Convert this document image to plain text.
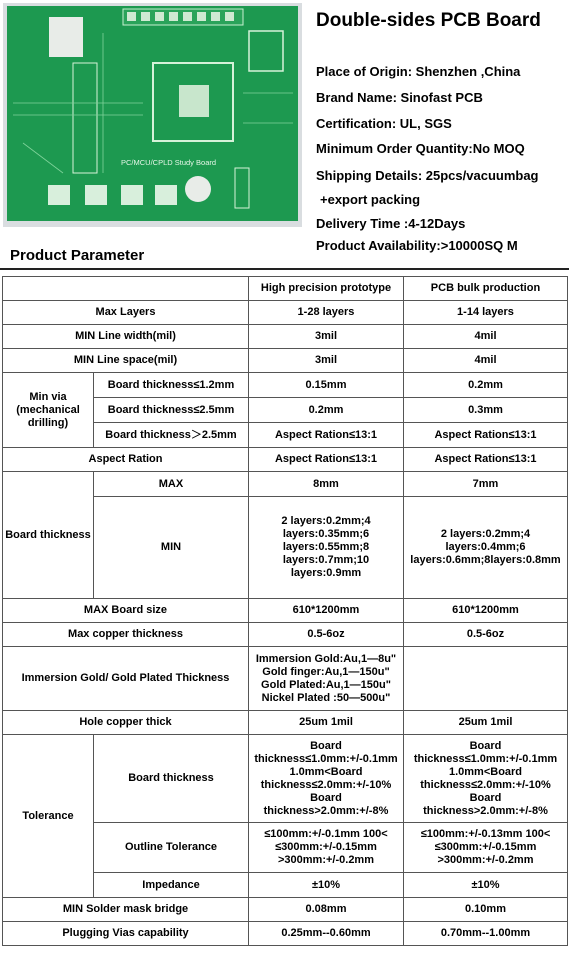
PC/MCU/CPLD Study Board
Double-sides PCB Board
Place of Origin: Shenzhen ,China
Brand Name: Sinofast PCB
Certification: UL, SGS
Minimum Order Quantity:No MOQ
Shipping Details: 25pcs/vacuumbag
+export packing
Delivery Time :4-12Days
Product Availability:>10000SQ M
Product Parameter
		High precision prototype	PCB bulk production
Max Layers		1-28 layers	1-14 layers
MIN Line width(mil)		3mil	4mil
MIN Line space(mil)		3mil	4mil
Min via (mechanical drilling)	Board thickness≤1.2mm	0.15mm	0.2mm
	Board thickness≤2.5mm	0.2mm	0.3mm
	Board thickness＞2.5mm	Aspect Ration≤13:1	Aspect Ration≤13:1
Aspect Ration		Aspect Ration≤13:1	Aspect Ration≤13:1
Board thickness	MAX	8mm	7mm
	MIN	2 layers:0.2mm;4 layers:0.35mm;6 layers:0.55mm;8 layers:0.7mm;10 layers:0.9mm	2 layers:0.2mm;4 layers:0.4mm;6 layers:0.6mm;8layers:0.8mm
MAX Board size		610*1200mm	610*1200mm
Max copper thickness		0.5-6oz	0.5-6oz
Immersion Gold/ Gold Plated Thickness		Immersion Gold:Au,1—8u" Gold finger:Au,1—150u" Gold Plated:Au,1—150u" Nickel Plated :50—500u"	
Hole copper thick		25um 1mil	25um 1mil
Tolerance	Board thickness	Board thickness≤1.0mm:+/-0.1mm 1.0mm<Board thickness≤2.0mm:+/-10% Board thickness>2.0mm:+/-8%	Board thickness≤1.0mm:+/-0.1mm 1.0mm<Board thickness≤2.0mm:+/-10% Board thickness>2.0mm:+/-8%
	Outline Tolerance	≤100mm:+/-0.1mm 100< ≤300mm:+/-0.15mm >300mm:+/-0.2mm	≤100mm:+/-0.13mm 100< ≤300mm:+/-0.15mm >300mm:+/-0.2mm
	Impedance	±10%	±10%
MIN Solder mask bridge		0.08mm	0.10mm
Plugging Vias capability		0.25mm--0.60mm	0.70mm--1.00mm
